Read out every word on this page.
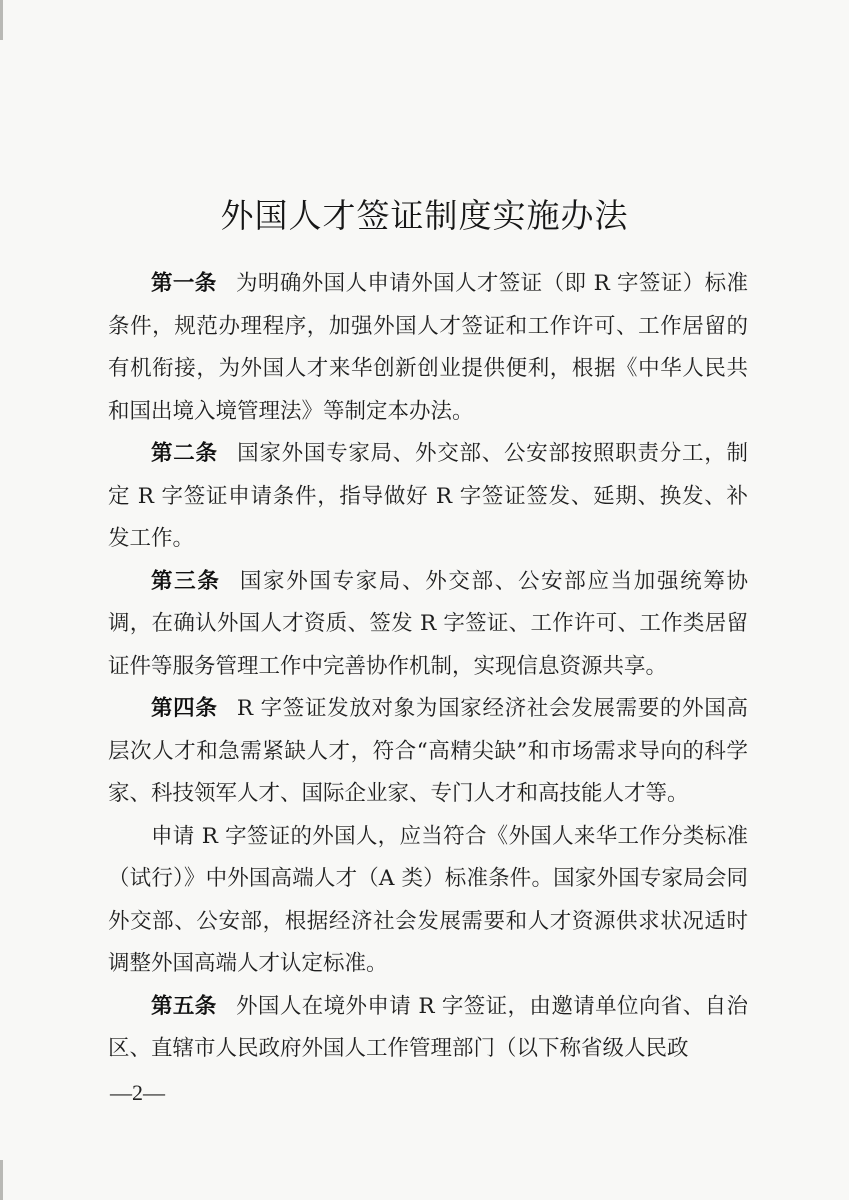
外国人才签证制度实施办法

第一条 为明确外国人申请外国人才签证（即 R 字签证）标准条件，规范办理程序，加强外国人才签证和工作许可、工作居留的有机衔接，为外国人才来华创新创业提供便利，根据《中华人民共和国出境入境管理法》等制定本办法。

第二条 国家外国专家局、外交部、公安部按照职责分工，制定 R 字签证申请条件，指导做好 R 字签证签发、延期、换发、补发工作。

第三条 国家外国专家局、外交部、公安部应当加强统筹协调，在确认外国人才资质、签发 R 字签证、工作许可、工作类居留证件等服务管理工作中完善协作机制，实现信息资源共享。

第四条 R 字签证发放对象为国家经济社会发展需要的外国高层次人才和急需紧缺人才，符合“高精尖缺”和市场需求导向的科学家、科技领军人才、国际企业家、专门人才和高技能人才等。

申请 R 字签证的外国人，应当符合《外国人来华工作分类标准（试行）》中外国高端人才（A 类）标准条件。国家外国专家局会同外交部、公安部，根据经济社会发展需要和人才资源供求状况适时调整外国高端人才认定标准。

第五条 外国人在境外申请 R 字签证，由邀请单位向省、自治区、直辖市人民政府外国人工作管理部门（以下称省级人民政

—2—
